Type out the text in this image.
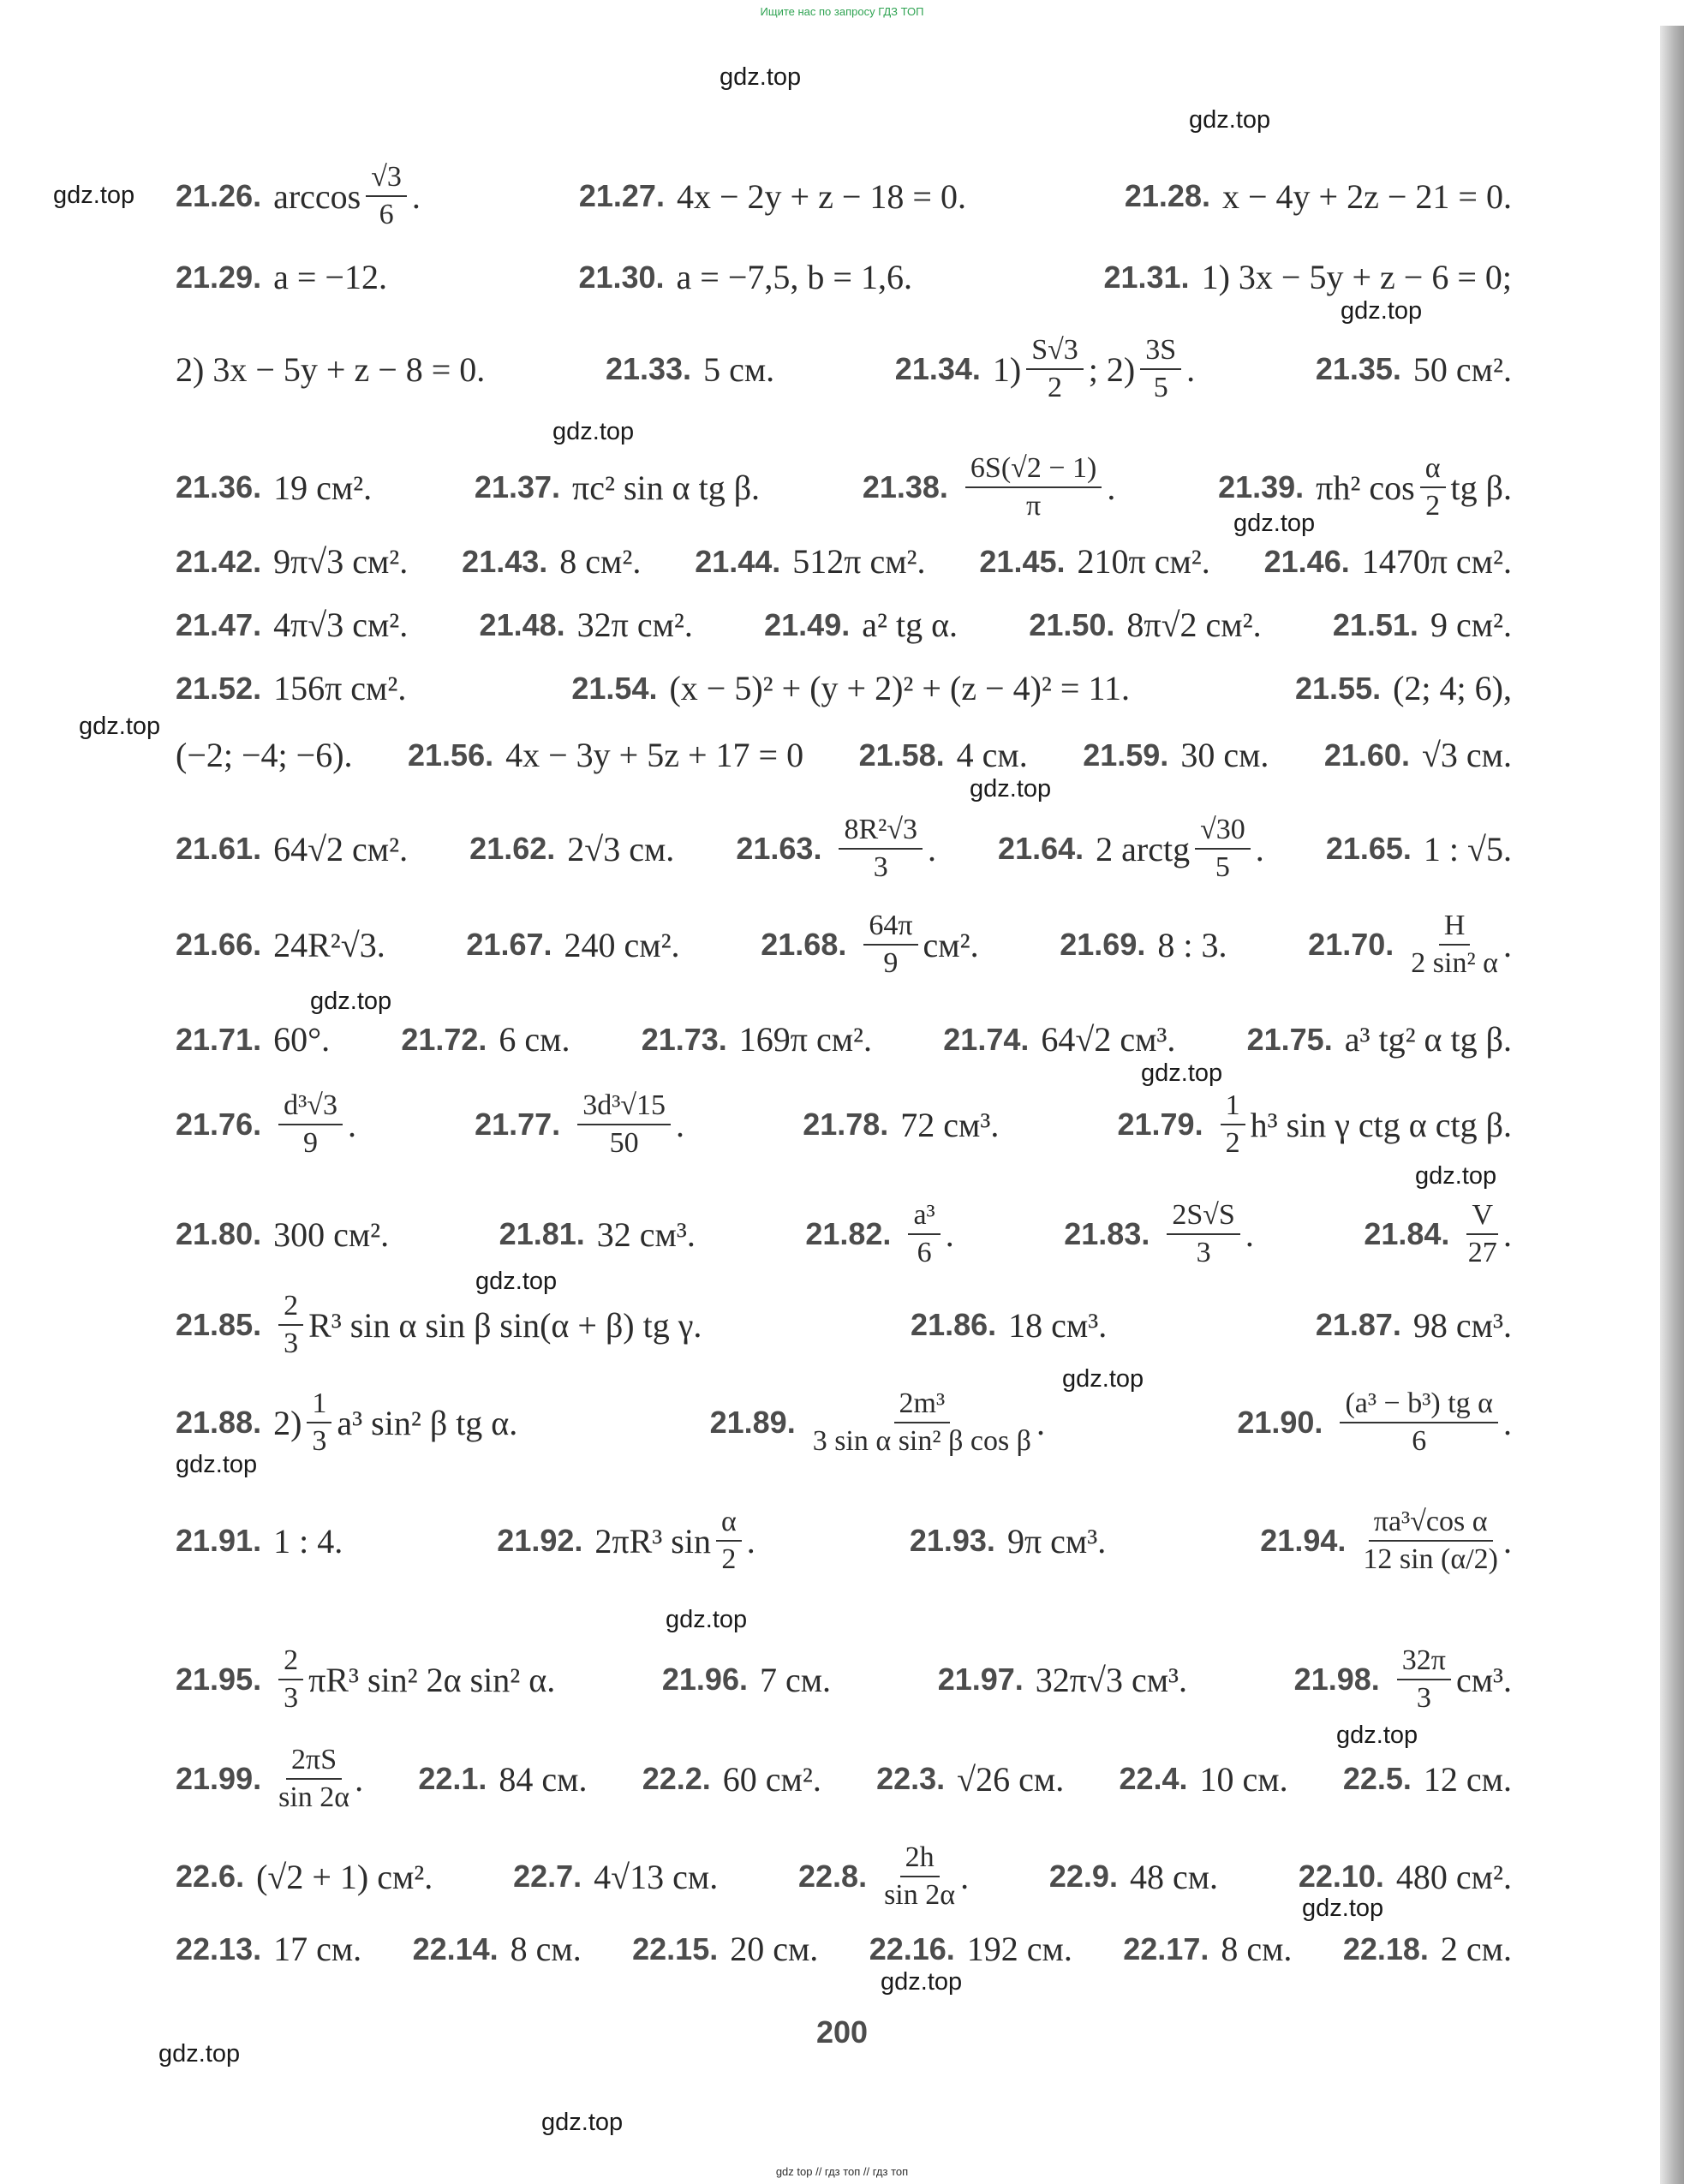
Ищите нас по запросу ГДЗ ТОП
gdz.top
gdz.top
gdz.top
gdz.top
gdz.top
gdz.top
gdz.top
gdz.top
gdz.top
gdz.top
gdz.top
gdz.top
gdz.top
gdz.top
gdz.top
gdz.top
gdz.top
gdz.top
gdz.top
gdz.top
21.26. $\arccos \frac{√3}{6}$ .	21.27. 4x − 2y + z − 18 = 0.	21.28. x − 4y + 2z − 21 = 0.
21.29. a = −12.	21.30. a = −7,5, b = 1,6.	21.31. 1) 3x − 5y + z − 6 = 0;
2) 3x − 5y + z − 8 = 0.	21.33. 5 см.	21.34. $1) \frac{S√3}{2}$ ; $2) \frac{3S}{5}$ .	21.35. 50 см².
21.36. 19 см².	21.37. πc² sin α tg β.	21.38. $\frac{6S(√2 - 1)}{\pi}$ .	21.39. πh² $\cos \frac{\alpha}{2}$ tg β.
21.42. 9π√3 см². 21.43. 8 см². 21.44. 512π см². 21.45. 210π см². 21.46. 1470π см².
21.47. 4π√3 см². 21.48. 32π см². 21.49. a² tg α. 21.50. 8π√2 см². 21.51. 9 см².
21.52. 156π см².	21.54. (x − 5)² + (y + 2)² + (z − 4)² = 11.	21.55. (2; 4; 6),
(−2; −4; −6). 21.56. 4x − 3y + 5z + 17 = 0 21.58. 4 см. 21.59. 30 см. 21.60. √3 см.
21.61. 64√2 см². 21.62. 2√3 см. 21.63. $\frac{\text{8R²√3}}{3}$ . 21.64. 2 arctg $\frac{√30}{5}$ . 21.65. 1 : √5.
21.66. 24R²√3.	21.67. 240 см².	21.68. $\frac{64\pi}{9} см^2$.	21.69. 8 : 3.	21.70. $\frac{H}{\text{2 sin² α}}$ .
21.71. 60°. 21.72. 6 см. 21.73. 169π см². 21.74. 64√2 см³. 21.75. a³ tg² α tg β.
21.76. $\frac{\text{d³√3}}{9}$ .	21.77. $\frac{\text{3d³√15}}{50}$ .	21.78. 72 см³.	21.79. $\frac{1}{2} h^3$ sin γ ctg α ctg β.
21.80. 300 см².	21.81. 32 см³.	21.82. $\frac{\text{a³}}{6}$ .	21.83. $\frac{2S√S}{3}$ .	21.84. $\frac{V}{27}$ .
21.85. $\frac{2}{3} R^3$ sin α sin β sin(α + β) tg γ.	21.86. 18 см³.	21.87. 98 см³.
21.88. $2) \frac{1}{3} a^3$ sin² β tg α.	21.89. $\frac{\text{2m³}}{\text{3 sin α sin² β cos β}}$ .	21.90. $\frac{\text{(a³ − b³) tg α}}{6}$ .
21.91. 1 : 4.	21.92. 2πR³ $\sin \frac{\alpha}{2}$ .	21.93. 9π см³.	21.94. $\frac{\text{πa³√cos α}}{12 \sin (\alpha/2)}$ .
21.95. $\frac{2}{3} \pi R^3$ sin² 2α sin² α.	21.96. 7 см.	21.97. 32π√3 см³.	21.98. $\frac{32\pi}{3} см^3$.
21.99. $\frac{2\pi S}{\sin 2\alpha}$ . 22.1. 84 см. 22.2. 60 см². 22.3. √26 см. 22.4. 10 см. 22.5. 12 см.
22.6. (√2 + 1) см².	22.7. 4√13 см.	22.8. $\frac{2h}{\sin 2\alpha}$ .	22.9. 48 см.	22.10. 480 см².
22.13. 17 см. 22.14. 8 см. 22.15. 20 см. 22.16. 192 см. 22.17. 8 см. 22.18. 2 см.
200
gdz top // гдз топ // гдз топ
